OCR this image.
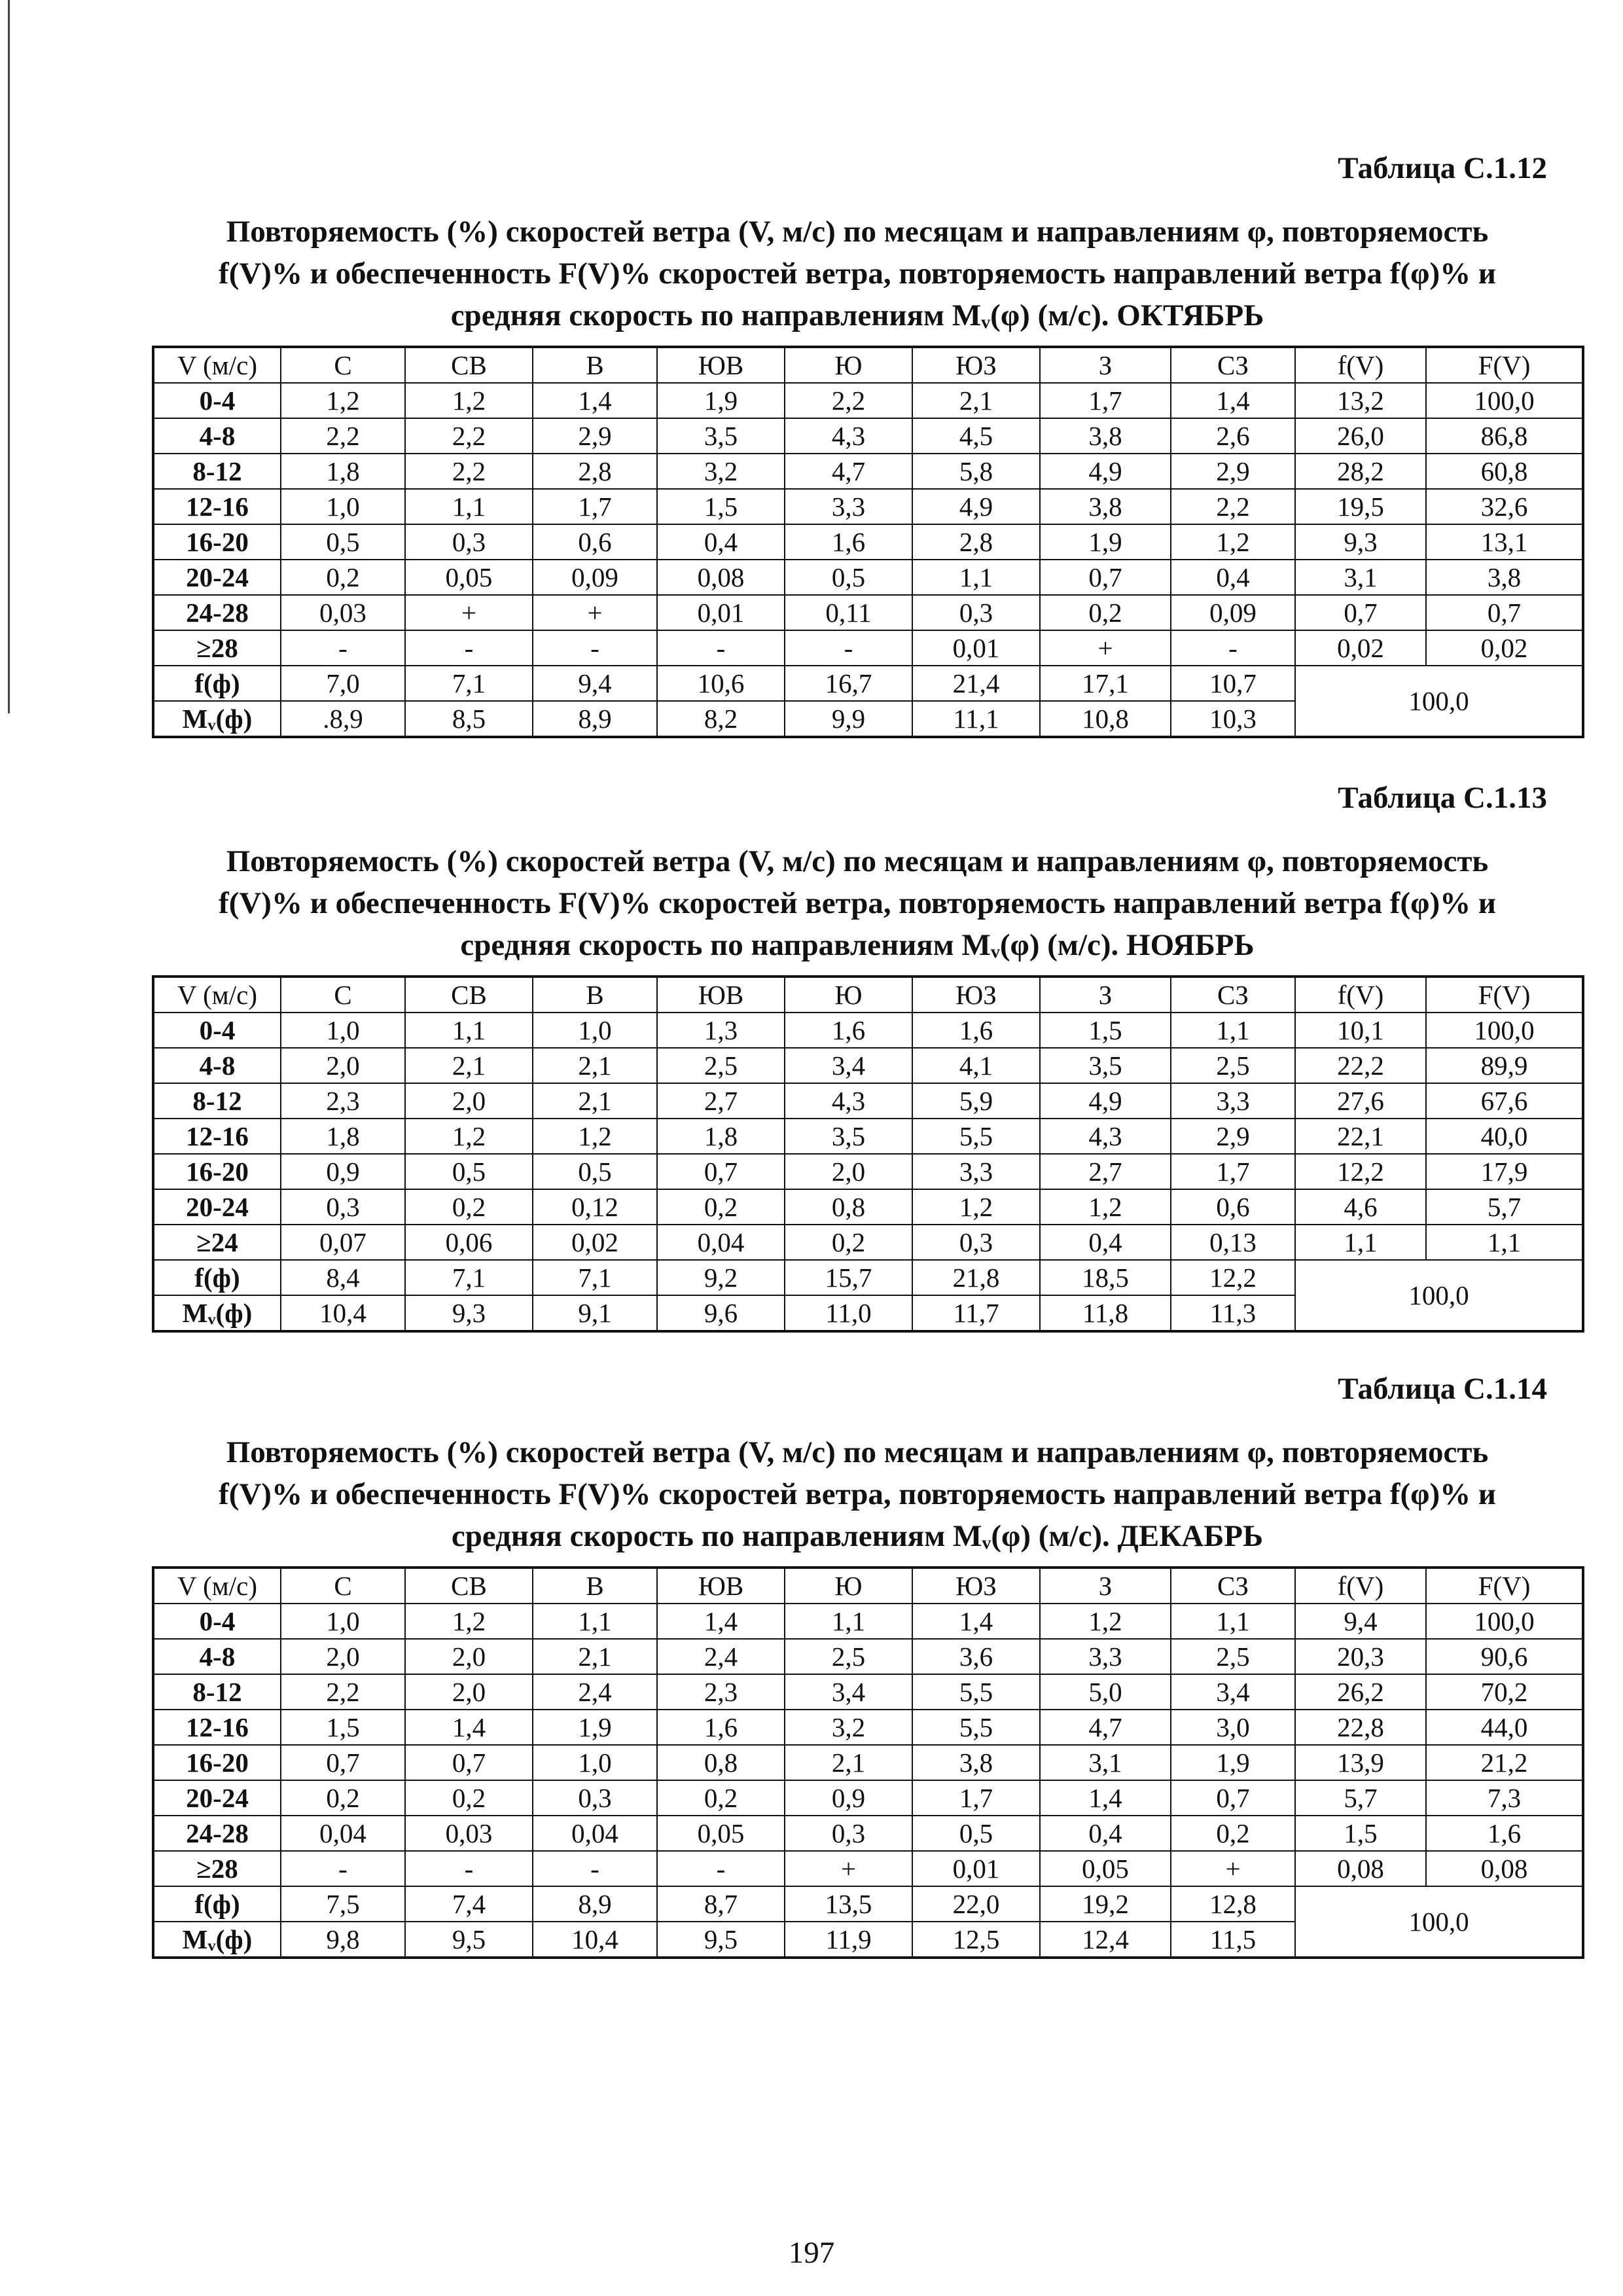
Таблица С.1.12
Повторяемость (%) скоростей ветра (V, м/с) по месяцам и направлениям φ, повторяемость
f(V)% и обеспеченность F(V)% скоростей ветра, повторяемость направлений ветра f(φ)% и
средняя скорость по направлениям Mᵥ(φ) (м/с). ОКТЯБРЬ
V (м/с)	С	СВ	В	ЮВ	Ю	ЮЗ	З	СЗ	f(V)	F(V)
0-4	1,2	1,2	1,4	1,9	2,2	2,1	1,7	1,4	13,2	100,0
4-8	2,2	2,2	2,9	3,5	4,3	4,5	3,8	2,6	26,0	86,8
8-12	1,8	2,2	2,8	3,2	4,7	5,8	4,9	2,9	28,2	60,8
12-16	1,0	1,1	1,7	1,5	3,3	4,9	3,8	2,2	19,5	32,6
16-20	0,5	0,3	0,6	0,4	1,6	2,8	1,9	1,2	9,3	13,1
20-24	0,2	0,05	0,09	0,08	0,5	1,1	0,7	0,4	3,1	3,8
24-28	0,03	+	+	0,01	0,11	0,3	0,2	0,09	0,7	0,7
≥28	-	-	-	-	-	0,01	+	-	0,02	0,02
f(ф)	7,0	7,1	9,4	10,6	16,7	21,4	17,1	10,7	100,0	
Mᵥ(ф)	.8,9	8,5	8,9	8,2	9,9	11,1	10,8	10,3		
Таблица С.1.13
Повторяемость (%) скоростей ветра (V, м/с) по месяцам и направлениям φ, повторяемость
f(V)% и обеспеченность F(V)% скоростей ветра, повторяемость направлений ветра f(φ)% и
средняя скорость по направлениям Mᵥ(φ) (м/с). НОЯБРЬ
V (м/с)	С	СВ	В	ЮВ	Ю	ЮЗ	З	СЗ	f(V)	F(V)
0-4	1,0	1,1	1,0	1,3	1,6	1,6	1,5	1,1	10,1	100,0
4-8	2,0	2,1	2,1	2,5	3,4	4,1	3,5	2,5	22,2	89,9
8-12	2,3	2,0	2,1	2,7	4,3	5,9	4,9	3,3	27,6	67,6
12-16	1,8	1,2	1,2	1,8	3,5	5,5	4,3	2,9	22,1	40,0
16-20	0,9	0,5	0,5	0,7	2,0	3,3	2,7	1,7	12,2	17,9
20-24	0,3	0,2	0,12	0,2	0,8	1,2	1,2	0,6	4,6	5,7
≥24	0,07	0,06	0,02	0,04	0,2	0,3	0,4	0,13	1,1	1,1
f(ф)	8,4	7,1	7,1	9,2	15,7	21,8	18,5	12,2	100,0	
Mᵥ(ф)	10,4	9,3	9,1	9,6	11,0	11,7	11,8	11,3		
Таблица С.1.14
Повторяемость (%) скоростей ветра (V, м/с) по месяцам и направлениям φ, повторяемость
f(V)% и обеспеченность F(V)% скоростей ветра, повторяемость направлений ветра f(φ)% и
средняя скорость по направлениям Mᵥ(φ) (м/с). ДЕКАБРЬ
V (м/с)	С	СВ	В	ЮВ	Ю	ЮЗ	З	СЗ	f(V)	F(V)
0-4	1,0	1,2	1,1	1,4	1,1	1,4	1,2	1,1	9,4	100,0
4-8	2,0	2,0	2,1	2,4	2,5	3,6	3,3	2,5	20,3	90,6
8-12	2,2	2,0	2,4	2,3	3,4	5,5	5,0	3,4	26,2	70,2
12-16	1,5	1,4	1,9	1,6	3,2	5,5	4,7	3,0	22,8	44,0
16-20	0,7	0,7	1,0	0,8	2,1	3,8	3,1	1,9	13,9	21,2
20-24	0,2	0,2	0,3	0,2	0,9	1,7	1,4	0,7	5,7	7,3
24-28	0,04	0,03	0,04	0,05	0,3	0,5	0,4	0,2	1,5	1,6
≥28	-	-	-	-	+	0,01	0,05	+	0,08	0,08
f(ф)	7,5	7,4	8,9	8,7	13,5	22,0	19,2	12,8	100,0	
Mᵥ(ф)	9,8	9,5	10,4	9,5	11,9	12,5	12,4	11,5		
197
